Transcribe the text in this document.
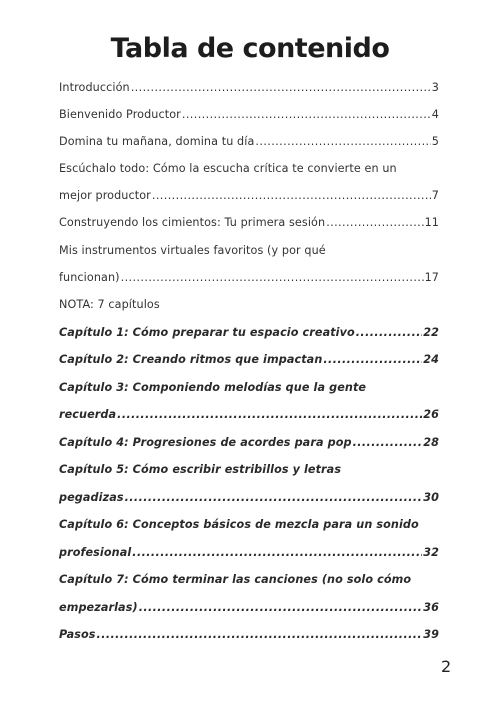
Tabla de contenido
Introducción .....	3
Bienvenido Productor .....	4
Domina tu mañana, domina tu día .....	5
Escúchalo todo: Cómo la escucha crítica te convierte en un
mejor productor .....	7
Construyendo los cimientos: Tu primera sesión .....	11
Mis instrumentos virtuales favoritos (y por qué
funcionan) .....	17
NOTA: 7 capítulos
Capítulo 1: Cómo preparar tu espacio creativo .....	22
Capítulo 2: Creando ritmos que impactan .....	24
Capítulo 3: Componiendo melodías que la gente
recuerda .....	26
Capítulo 4: Progresiones de acordes para pop .....	28
Capítulo 5: Cómo escribir estribillos y letras
pegadizas .....	30
Capítulo 6: Conceptos básicos de mezcla para un sonido
profesional .....	32
Capítulo 7: Cómo terminar las canciones (no solo cómo
empezarlas) .....	36
Pasos .....	39
2
